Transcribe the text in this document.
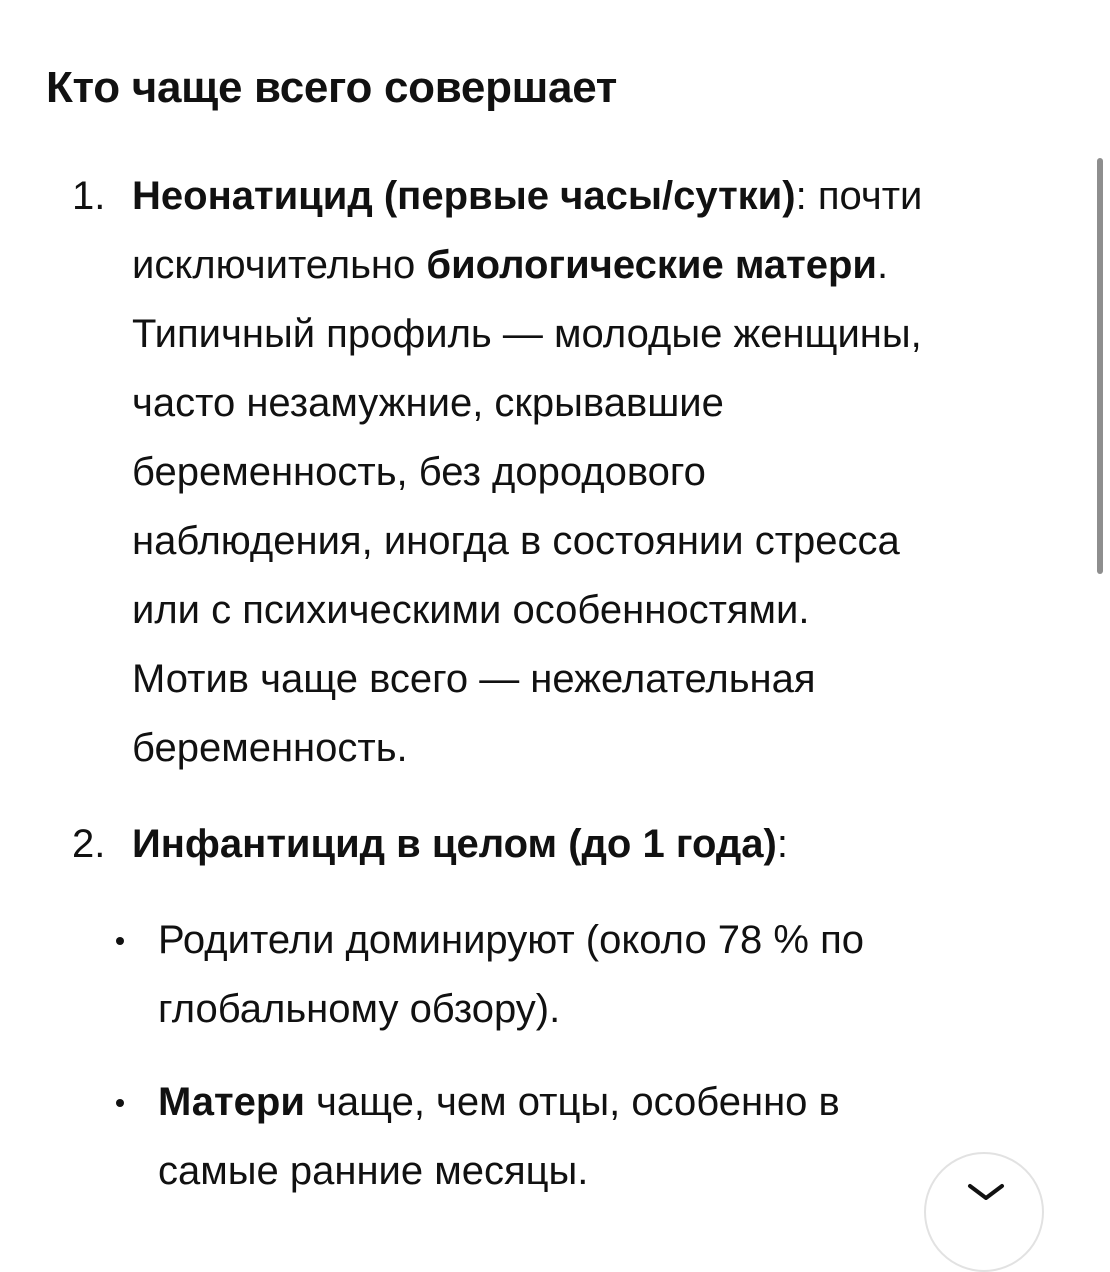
Кто чаще всего совершает
1. Неонатицид (первые часы/сутки): почти
исключительно биологические матери.
Типичный профиль — молодые женщины,
часто незамужние, скрывавшие
беременность, без дородового
наблюдения, иногда в состоянии стресса
или с психическими особенностями.
Мотив чаще всего — нежелательная
беременность.
2. Инфантицид в целом (до 1 года):
Родители доминируют (около 78 % по
глобальному обзору).
Матери чаще, чем отцы, особенно в
самые ранние месяцы.
